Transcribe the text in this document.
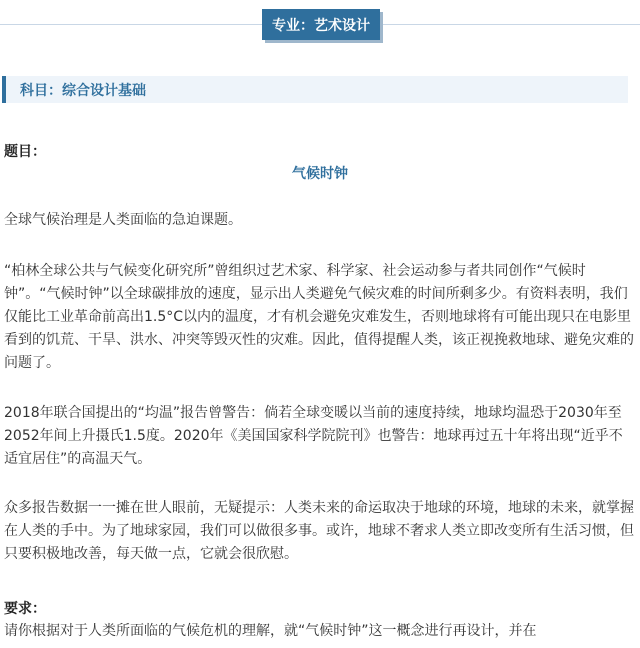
专业：艺术设计
科目：综合设计基础
题目：
气候时钟

全球气候治理是人类面临的急迫课题。

“柏林全球公共与气候变化研究所”曾组织过艺术家、科学家、社会运动参与者共同创作“气候时钟”。“气候时钟”以全球碳排放的速度，显示出人类避免气候灾难的时间所剩多少。有资料表明，我们仅能比工业革命前高出1.5°C以内的温度，才有机会避免灾难发生，否则地球将有可能出现只在电影里看到的饥荒、干旱、洪水、冲突等毁灭性的灾难。因此，值得提醒人类，该正视挽救地球、避免灾难的问题了。

2018年联合国提出的“均温”报告曾警告：倘若全球变暖以当前的速度持续，地球均温恐于2030年至2052年间上升摄氏1.5度。2020年《美国国家科学院院刊》也警告：地球再过五十年将出现“近乎不适宜居住”的高温天气。

众多报告数据一一摊在世人眼前，无疑提示：人类未来的命运取决于地球的环境，地球的未来，就掌握在人类的手中。为了地球家园，我们可以做很多事。或许，地球不奢求人类立即改变所有生活习惯，但只要积极地改善，每天做一点，它就会很欣慰。

要求：

请你根据对于人类所面临的气候危机的理解，就“气候时钟”这一概念进行再设计，并在
